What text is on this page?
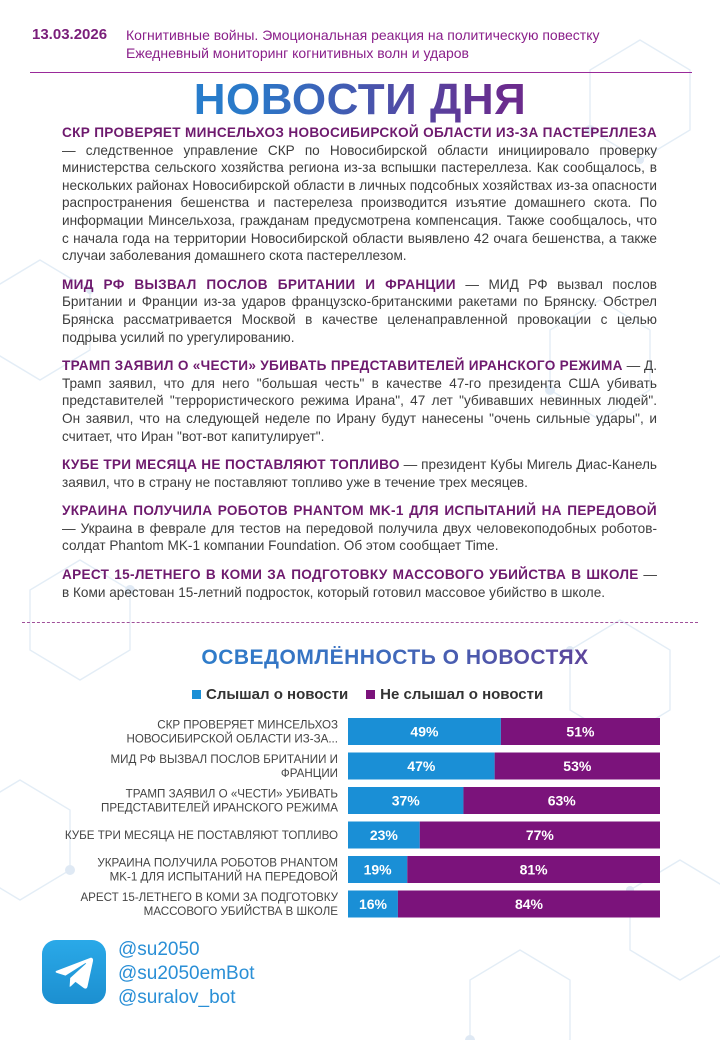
13.03.2026 Когнитивные войны. Эмоциональная реакция на политическую повестку
Ежедневный мониторинг когнитивных волн и ударов
НОВОСТИ ДНЯ

СКР ПРОВЕРЯЕТ МИНСЕЛЬХОЗ НОВОСИБИРСКОЙ ОБЛАСТИ ИЗ-ЗА ПАСТЕРЕЛЛЕЗА — следственное управление СКР по Новосибирской области инициировало проверку министерства сельского хозяйства региона из-за вспышки пастереллеза. Как сообщалось, в нескольких районах Новосибирской области в личных подсобных хозяйствах из-за опасности распространения бешенства и пастерелеза производится изъятие домашнего скота. По информации Минсельхоза, гражданам предусмотрена компенсация. Также сообщалось, что с начала года на территории Новосибирской области выявлено 42 очага бешенства, а также случаи заболевания домашнего скота пастереллезом.

МИД РФ ВЫЗВАЛ ПОСЛОВ БРИТАНИИ И ФРАНЦИИ — МИД РФ вызвал послов Британии и Франции из-за ударов французско-британскими ракетами по Брянску. Обстрел Брянска рассматривается Москвой в качестве целенаправленной провокации с целью подрыва усилий по урегулированию.

ТРАМП ЗАЯВИЛ О «ЧЕСТИ» УБИВАТЬ ПРЕДСТАВИТЕЛЕЙ ИРАНСКОГО РЕЖИМА — Д. Трамп заявил, что для него "большая честь" в качестве 47-го президента США убивать представителей "террористического режима Ирана", 47 лет "убивавших невинных людей". Он заявил, что на следующей неделе по Ирану будут нанесены "очень сильные удары", и считает, что Иран "вот-вот капитулирует".

КУБЕ ТРИ МЕСЯЦА НЕ ПОСТАВЛЯЮТ ТОПЛИВО — президент Кубы Мигель Диас-Канель заявил, что в страну не поставляют топливо уже в течение трех месяцев.

УКРАИНА ПОЛУЧИЛА РОБОТОВ PHANTOM MK-1 ДЛЯ ИСПЫТАНИЙ НА ПЕРЕДОВОЙ — Украина в феврале для тестов на передовой получила двух человекоподобных роботов-солдат Phantom MK-1 компании Foundation. Об этом сообщает Time.

АРЕСТ 15-ЛЕТНЕГО В КОМИ ЗА ПОДГОТОВКУ МАССОВОГО УБИЙСТВА В ШКОЛЕ — в Коми арестован 15-летний подросток, который готовил массовое убийство в школе.

ОСВЕДОМЛЁННОСТЬ О НОВОСТЯХ
Слышал о новости Не слышал о новости
СКР ПРОВЕРЯЕТ МИНСЕЛЬХОЗ НОВОСИБИРСКОЙ ОБЛАСТИ ИЗ-ЗА...	49%	51%
МИД РФ ВЫЗВАЛ ПОСЛОВ БРИТАНИИ И ФРАНЦИИ	47%	53%
ТРАМП ЗАЯВИЛ О «ЧЕСТИ» УБИВАТЬ ПРЕДСТАВИТЕЛЕЙ ИРАНСКОГО РЕЖИМА	37%	63%
КУБЕ ТРИ МЕСЯЦА НЕ ПОСТАВЛЯЮТ ТОПЛИВО 23%	77%
УКРАИНА ПОЛУЧИЛА РОБОТОВ PHANTOM MK-1 ДЛЯ ИСПЫТАНИЙ НА ПЕРЕДОВОЙ 19%	81%
АРЕСТ 15-ЛЕТНЕГО В КОМИ ЗА ПОДГОТОВКУ МАССОВОГО УБИЙСТВА В ШКОЛЕ 16%	84%
@su2050
@su2050emBot
@suralov_bot
